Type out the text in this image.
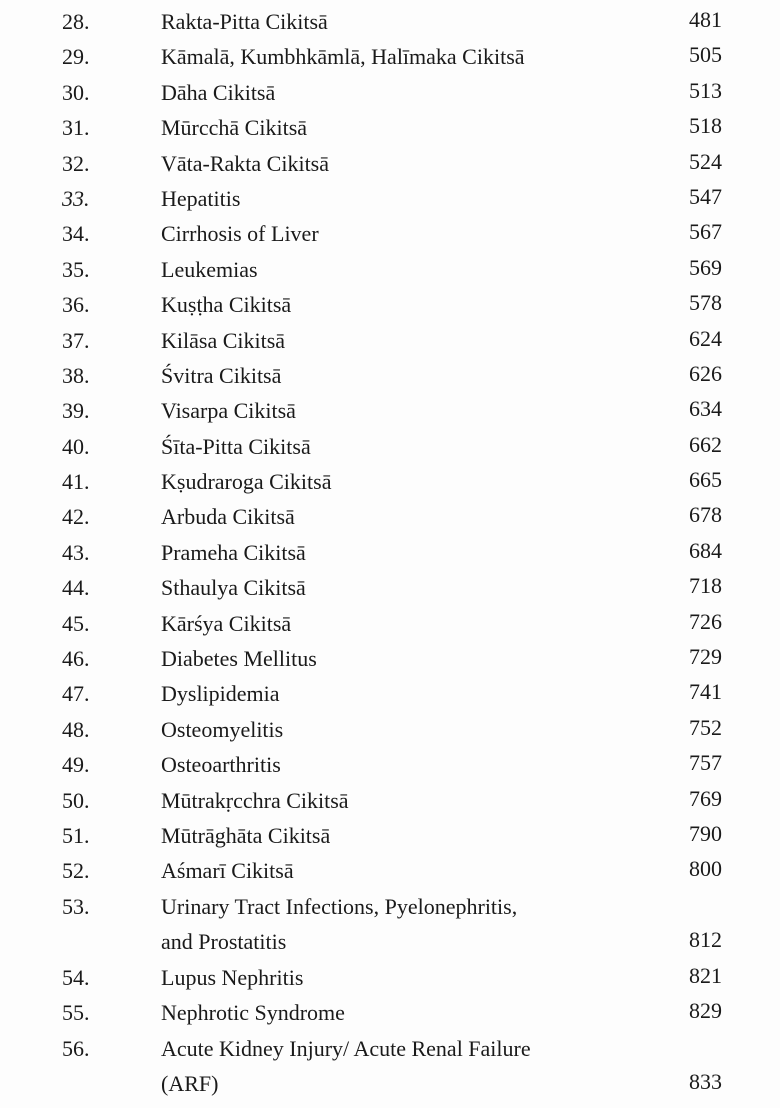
28.	Rakta-Pitta Cikitsā	481
29.	Kāmalā, Kumbhkāmlā, Halīmaka Cikitsā	505
30.	Dāha Cikitsā	513
31.	Mūrcchā Cikitsā	518
32.	Vāta-Rakta Cikitsā	524
33.	Hepatitis	547
34.	Cirrhosis of Liver	567
35.	Leukemias	569
36.	Kuṣṭha Cikitsā	578
37.	Kilāsa Cikitsā	624
38.	Śvitra Cikitsā	626
39.	Visarpa Cikitsā	634
40.	Śīta-Pitta Cikitsā	662
41.	Kṣudraroga Cikitsā	665
42.	Arbuda Cikitsā	678
43.	Prameha Cikitsā	684
44.	Sthaulya Cikitsā	718
45.	Kārśya Cikitsā	726
46.	Diabetes Mellitus	729
47.	Dyslipidemia	741
48.	Osteomyelitis	752
49.	Osteoarthritis	757
50.	Mūtrakṛcchra Cikitsā	769
51.	Mūtrāghāta Cikitsā	790
52.	Aśmarī Cikitsā	800
53.	Urinary Tract Infections, Pyelonephritis,
and Prostatitis	812
54.	Lupus Nephritis	821
55.	Nephrotic Syndrome	829
56.	Acute Kidney Injury/ Acute Renal Failure
(ARF)	833
